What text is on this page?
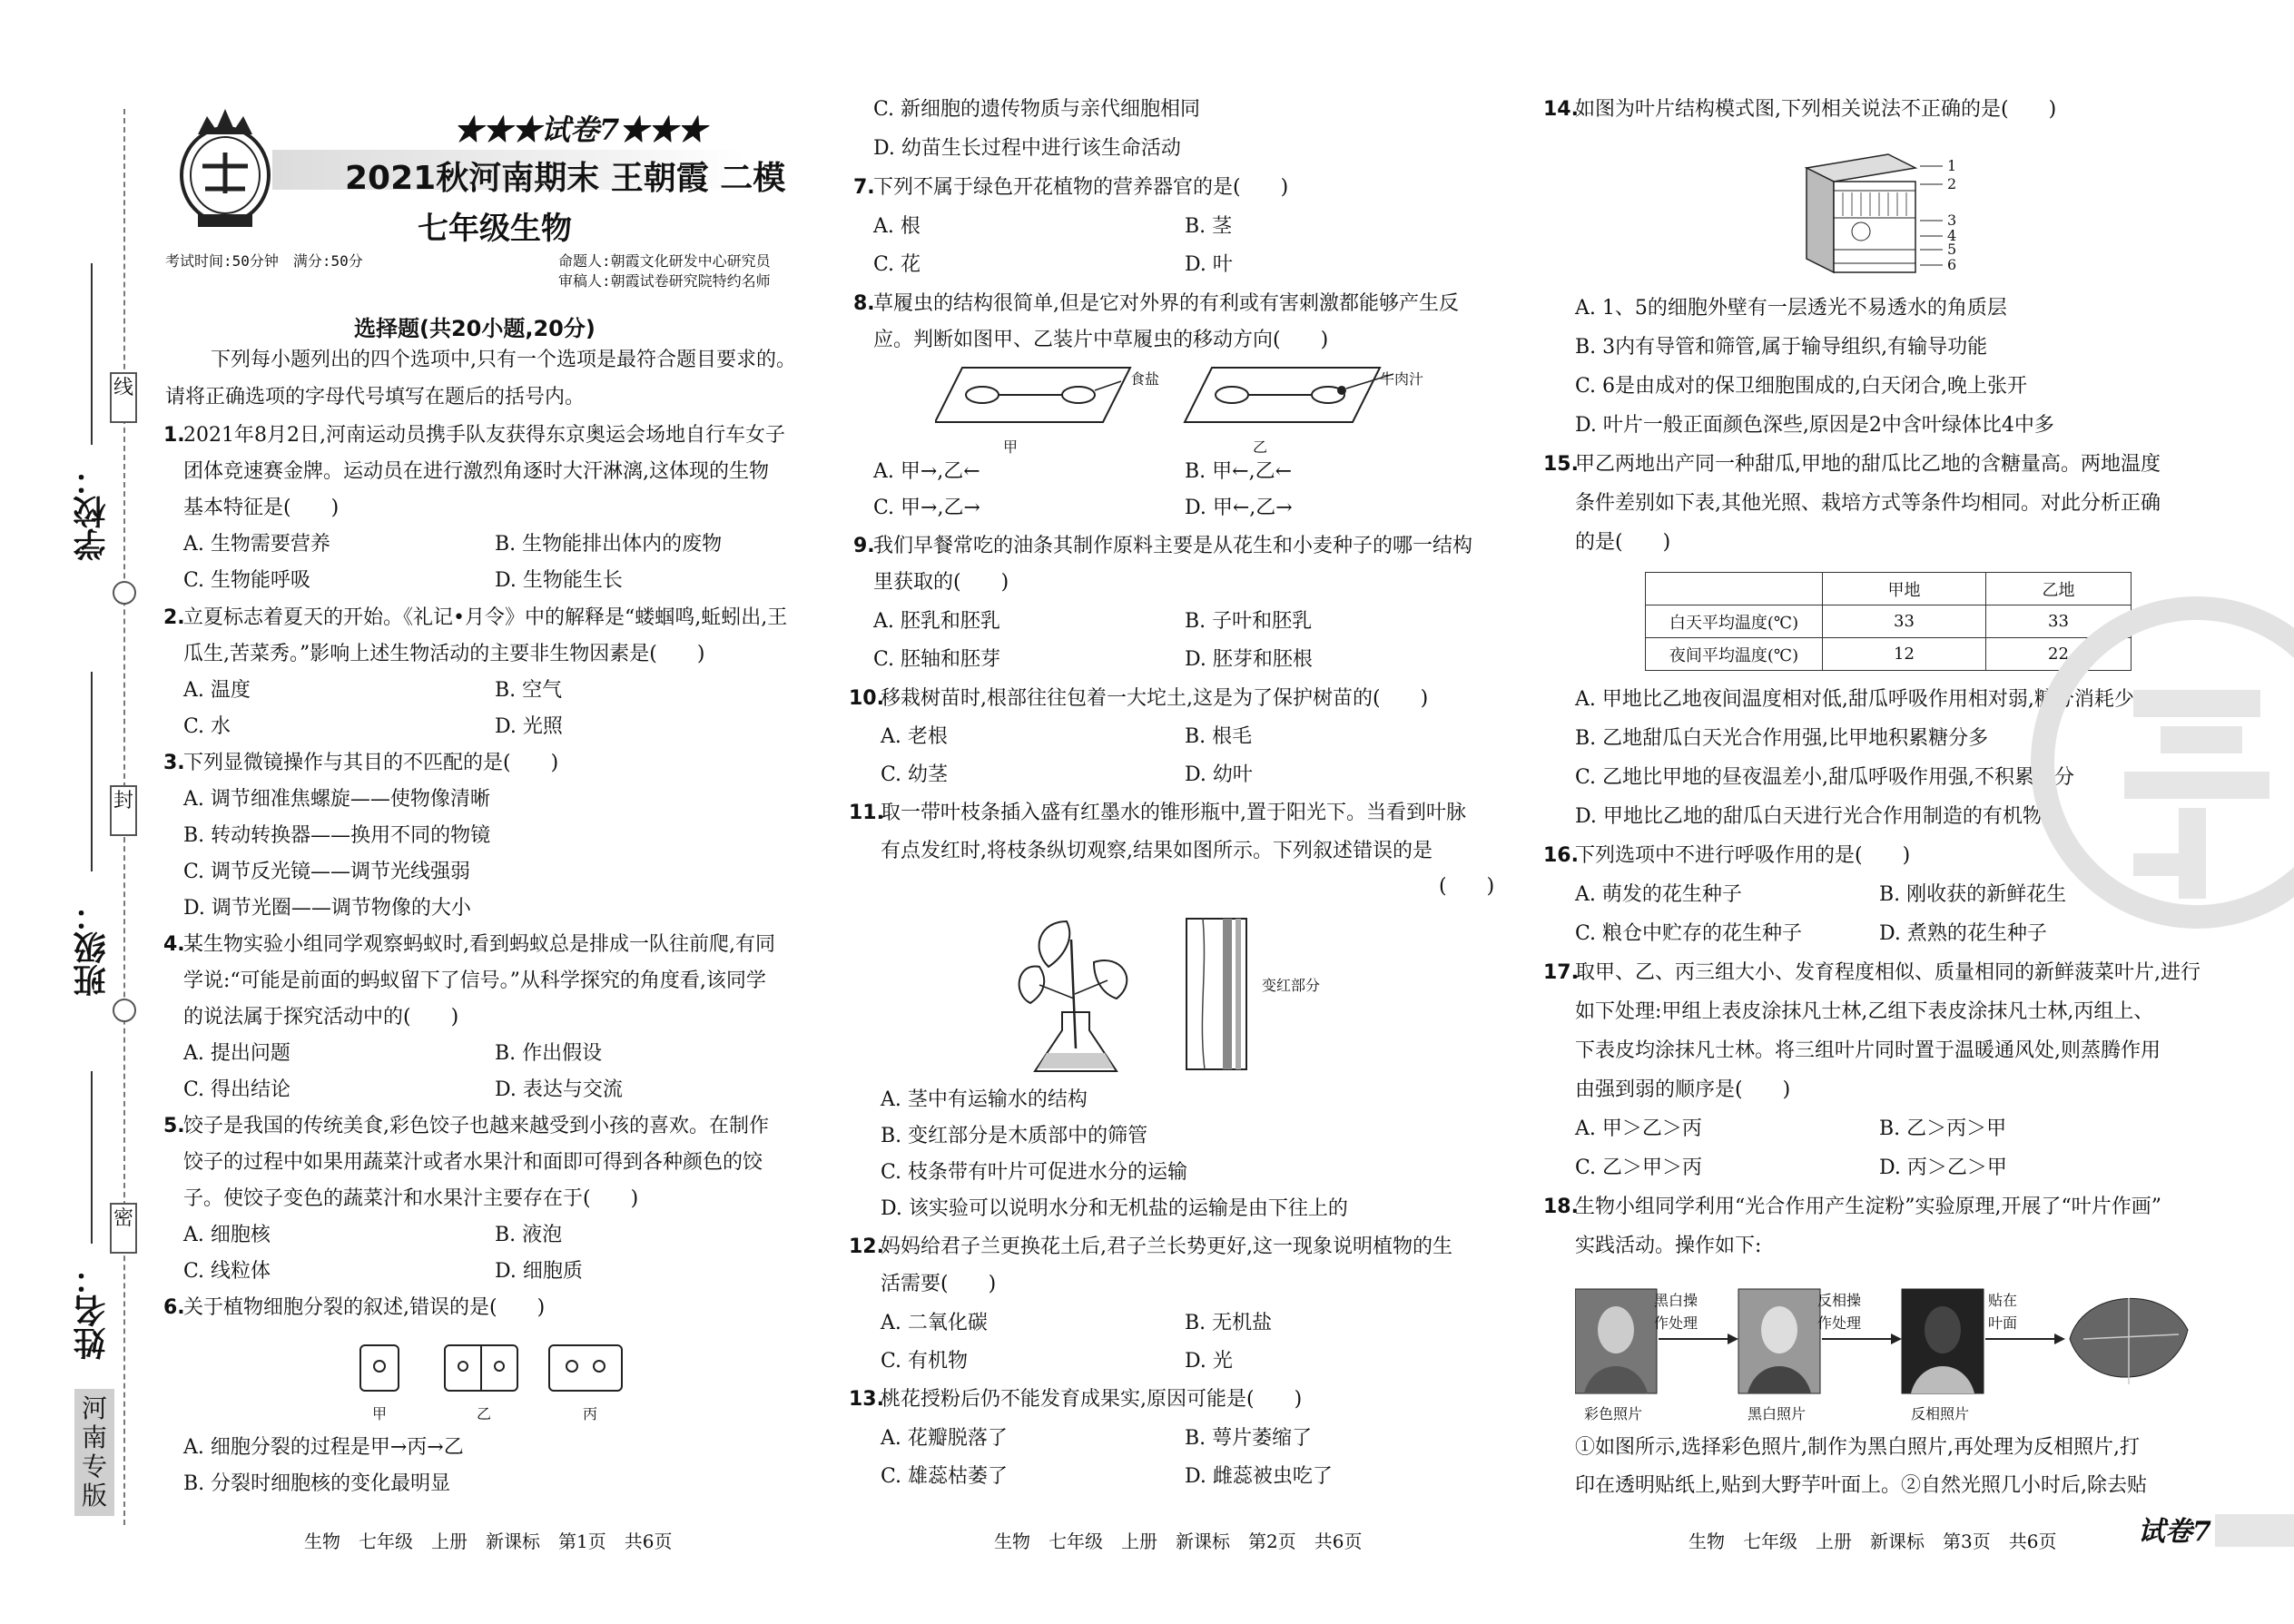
线
封
密
学校：
班级：
姓名：
河
南
专
版
★★★试卷7★★★
2021秋河南期末 王朝霞 二模
七年级生物
考试时间:50分钟　满分:50分	命题人:朝霞文化研发中心研究员
审稿人:朝霞试卷研究院特约名师
选择题(共20小题,20分)
下列每小题列出的四个选项中,只有一个选项是最符合题目要求的。
请将正确选项的字母代号填写在题后的括号内。
1.
2021年8月2日,河南运动员携手队友获得东京奥运会场地自行车女子
团体竞速赛金牌。运动员在进行激烈角逐时大汗淋漓,这体现的生物
基本特征是(　　)
A. 生物需要营养	B. 生物能排出体内的废物
C. 生物能呼吸	D. 生物能生长
2.
立夏标志着夏天的开始。《礼记•月令》中的解释是“蝼蝈鸣,蚯蚓出,王
瓜生,苦菜秀。”影响上述生物活动的主要非生物因素是(　　)
A. 温度	B. 空气
C. 水	D. 光照
3.
下列显微镜操作与其目的不匹配的是(　　)
A. 调节细准焦螺旋——使物像清晰
B. 转动转换器——换用不同的物镜
C. 调节反光镜——调节光线强弱
D. 调节光圈——调节物像的大小
4.
某生物实验小组同学观察蚂蚁时,看到蚂蚁总是排成一队往前爬,有同
学说:“可能是前面的蚂蚁留下了信号。”从科学探究的角度看,该同学
的说法属于探究活动中的(　　)
A. 提出问题	B. 作出假设
C. 得出结论	D. 表达与交流
5.
饺子是我国的传统美食,彩色饺子也越来越受到小孩的喜欢。在制作
饺子的过程中如果用蔬菜汁或者水果汁和面即可得到各种颜色的饺
子。使饺子变色的蔬菜汁和水果汁主要存在于(　　)
A. 细胞核	B. 液泡
C. 线粒体	D. 细胞质
6.
关于植物细胞分裂的叙述,错误的是(　　)
甲	乙	丙
A. 细胞分裂的过程是甲→丙→乙
B. 分裂时细胞核的变化最明显
生物　七年级　上册　新课标　第1页　共6页
C. 新细胞的遗传物质与亲代细胞相同
D. 幼苗生长过程中进行该生命活动
7.
下列不属于绿色开花植物的营养器官的是(　　)
A. 根	B. 茎
C. 花	D. 叶
8.
草履虫的结构很简单,但是它对外界的有利或有害刺激都能够产生反
应。判断如图甲、乙装片中草履虫的移动方向(　　)
食盐	牛肉汁
甲	乙
A. 甲→,乙←	B. 甲←,乙←
C. 甲→,乙→	D. 甲←,乙→
9.
我们早餐常吃的油条其制作原料主要是从花生和小麦种子的哪一结构
里获取的(　　)
A. 胚乳和胚乳	B. 子叶和胚乳
C. 胚轴和胚芽	D. 胚芽和胚根
10.
移栽树苗时,根部往往包着一大坨土,这是为了保护树苗的(　　)
A. 老根	B. 根毛
C. 幼茎	D. 幼叶
11.
取一带叶枝条插入盛有红墨水的锥形瓶中,置于阳光下。当看到叶脉
有点发红时,将枝条纵切观察,结果如图所示。下列叙述错误的是
(　　)
变红部分
A. 茎中有运输水的结构
B. 变红部分是木质部中的筛管
C. 枝条带有叶片可促进水分的运输
D. 该实验可以说明水分和无机盐的运输是由下往上的
12.
妈妈给君子兰更换花土后,君子兰长势更好,这一现象说明植物的生
活需要(　　)
A. 二氧化碳	B. 无机盐
C. 有机物	D. 光
13.
桃花授粉后仍不能发育成果实,原因可能是(　　)
A. 花瓣脱落了	B. 萼片萎缩了
C. 雄蕊枯萎了	D. 雌蕊被虫吃了
生物　七年级　上册　新课标　第2页　共6页
14.
如图为叶片结构模式图,下列相关说法不正确的是(　　)
1
2
3
4
5
6
A. 1、5的细胞外壁有一层透光不易透水的角质层
B. 3内有导管和筛管,属于输导组织,有输导功能
C. 6是由成对的保卫细胞围成的,白天闭合,晚上张开
D. 叶片一般正面颜色深些,原因是2中含叶绿体比4中多
15.
甲乙两地出产同一种甜瓜,甲地的甜瓜比乙地的含糖量高。两地温度
条件差别如下表,其他光照、栽培方式等条件均相同。对此分析正确
的是(　　)
	甲地	乙地
白天平均温度(℃)	33	33
夜间平均温度(℃)	12	22
A. 甲地比乙地夜间温度相对低,甜瓜呼吸作用相对弱,糖分消耗少
B. 乙地甜瓜白天光合作用强,比甲地积累糖分多
C. 乙地比甲地的昼夜温差小,甜瓜呼吸作用强,不积累糖分
D. 甲地比乙地的甜瓜白天进行光合作用制造的有机物多
16.
下列选项中不进行呼吸作用的是(　　)
A. 萌发的花生种子	B. 刚收获的新鲜花生
C. 粮仓中贮存的花生种子	D. 煮熟的花生种子
17.
取甲、乙、丙三组大小、发育程度相似、质量相同的新鲜菠菜叶片,进行
如下处理:甲组上表皮涂抹凡士林,乙组下表皮涂抹凡士林,丙组上、
下表皮均涂抹凡士林。将三组叶片同时置于温暖通风处,则蒸腾作用
由强到弱的顺序是(　　)
A. 甲＞乙＞丙	B. 乙＞丙＞甲
C. 乙＞甲＞丙	D. 丙＞乙＞甲
18.
生物小组同学利用“光合作用产生淀粉”实验原理,开展了“叶片作画”
实践活动。操作如下:
黑白操
作处理
反相操
作处理
贴在
叶面
彩色照片	黑白照片	反相照片
①如图所示,选择彩色照片,制作为黑白照片,再处理为反相照片,打
印在透明贴纸上,贴到大野芋叶面上。②自然光照几小时后,除去贴
生物　七年级　上册　新课标　第3页　共6页	试卷7
